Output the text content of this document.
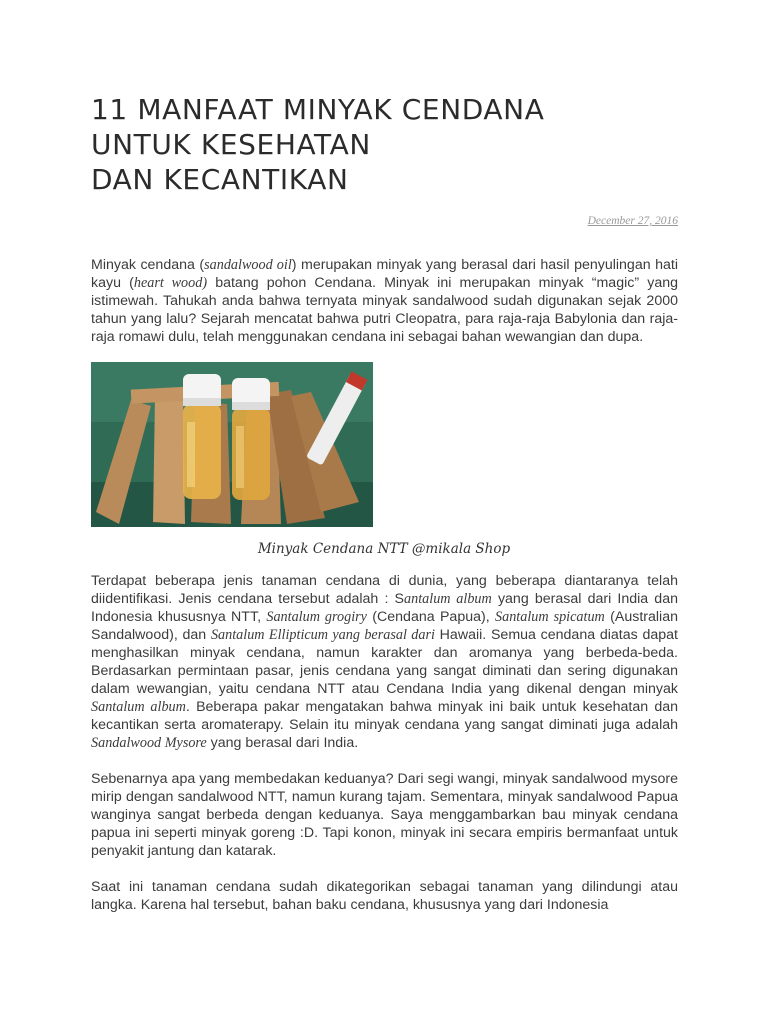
11 MANFAAT MINYAK CENDANA
UNTUK KESEHATAN
DAN KECANTIKAN
December 27, 2016
Minyak cendana (sandalwood oil) merupakan minyak yang berasal dari hasil penyulingan hati kayu (heart wood) batang pohon Cendana. Minyak ini merupakan minyak “magic” yang istimewah. Tahukah anda bahwa ternyata minyak sandalwood sudah digunakan sejak 2000 tahun yang lalu? Sejarah mencatat bahwa putri Cleopatra, para raja-raja Babylonia dan raja-raja romawi dulu, telah menggunakan cendana ini sebagai bahan wewangian dan dupa.
Minyak Cendana NTT @mikala Shop
Terdapat beberapa jenis tanaman cendana di dunia, yang beberapa diantaranya telah diidentifikasi. Jenis cendana tersebut adalah : Santalum album yang berasal dari India dan Indonesia khususnya NTT, Santalum grogiry (Cendana Papua), Santalum spicatum (Australian Sandalwood), dan Santalum Ellipticum yang berasal dari Hawaii. Semua cendana diatas dapat menghasilkan minyak cendana, namun karakter dan aromanya yang berbeda-beda. Berdasarkan permintaan pasar, jenis cendana yang sangat diminati dan sering digunakan dalam wewangian, yaitu cendana NTT atau Cendana India yang dikenal dengan minyak Santalum album. Beberapa pakar mengatakan bahwa minyak ini baik untuk kesehatan dan kecantikan serta aromaterapy. Selain itu minyak cendana yang sangat diminati juga adalah Sandalwood Mysore yang berasal dari India.
Sebenarnya apa yang membedakan keduanya? Dari segi wangi, minyak sandalwood mysore mirip dengan sandalwood NTT, namun kurang tajam. Sementara, minyak sandalwood Papua wanginya sangat berbeda dengan keduanya. Saya menggambarkan bau minyak cendana papua ini seperti minyak goreng :D. Tapi konon, minyak ini secara empiris bermanfaat untuk penyakit jantung dan katarak.
Saat ini tanaman cendana sudah dikategorikan sebagai tanaman yang dilindungi atau langka. Karena hal tersebut, bahan baku cendana, khususnya yang dari Indonesia
